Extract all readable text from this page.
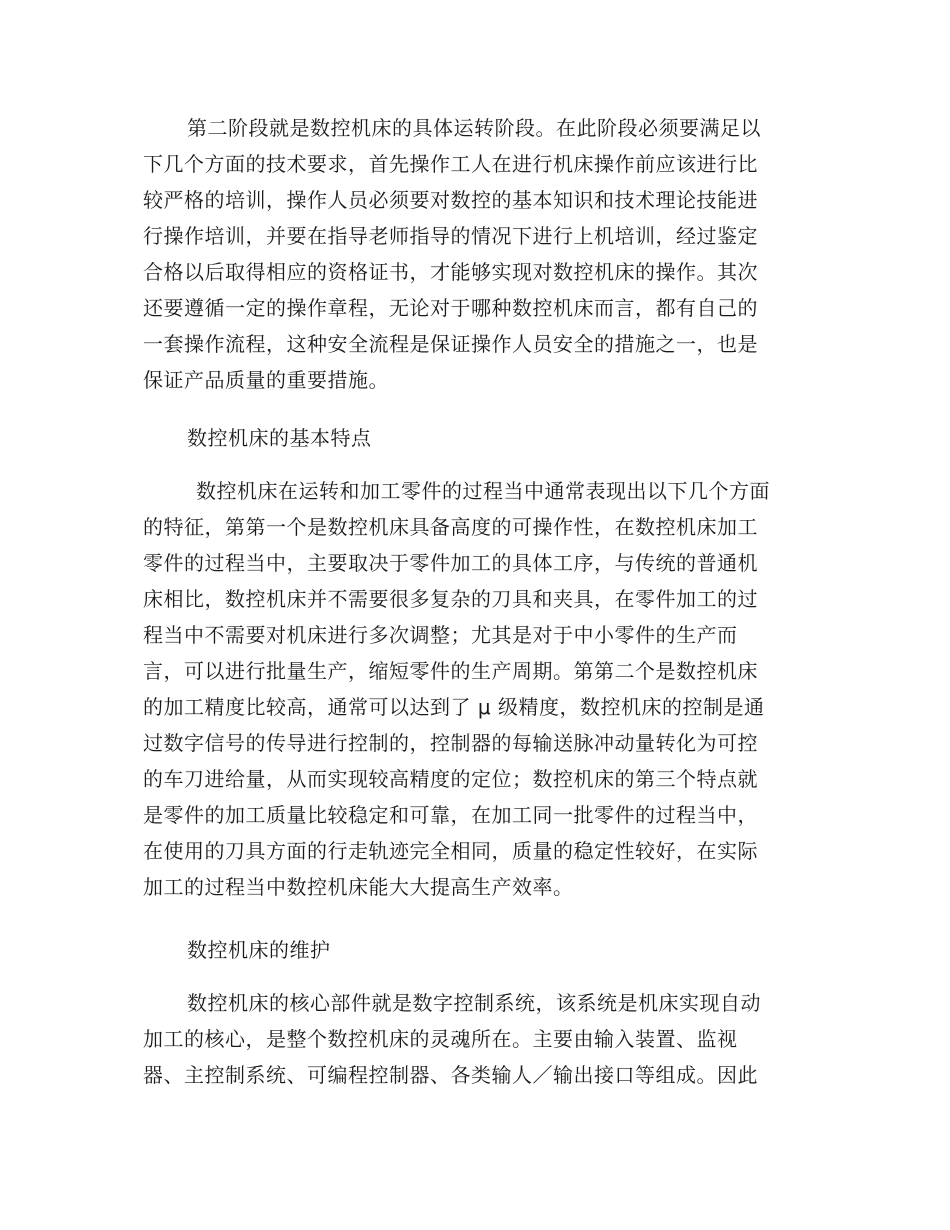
第二阶段就是数控机床的具体运转阶段。在此阶段必须要满足以
下几个方面的技术要求，首先操作工人在进行机床操作前应该进行比
较严格的培训，操作人员必须要对数控的基本知识和技术理论技能进
行操作培训，并要在指导老师指导的情况下进行上机培训，经过鉴定
合格以后取得相应的资格证书，才能够实现对数控机床的操作。其次
还要遵循一定的操作章程，无论对于哪种数控机床而言，都有自己的
一套操作流程，这种安全流程是保证操作人员安全的措施之一，也是
保证产品质量的重要措施。
数控机床的基本特点
数控机床在运转和加工零件的过程当中通常表现出以下几个方面
的特征，第第一个是数控机床具备高度的可操作性，在数控机床加工
零件的过程当中，主要取决于零件加工的具体工序，与传统的普通机
床相比，数控机床并不需要很多复杂的刀具和夹具，在零件加工的过
程当中不需要对机床进行多次调整；尤其是对于中小零件的生产而
言，可以进行批量生产，缩短零件的生产周期。第第二个是数控机床
的加工精度比较高，通常可以达到了 μ 级精度，数控机床的控制是通
过数字信号的传导进行控制的，控制器的每输送脉冲动量转化为可控
的车刀进给量，从而实现较高精度的定位；数控机床的第三个特点就
是零件的加工质量比较稳定和可靠，在加工同一批零件的过程当中，
在使用的刀具方面的行走轨迹完全相同，质量的稳定性较好，在实际
加工的过程当中数控机床能大大提高生产效率。
数控机床的维护
数控机床的核心部件就是数字控制系统，该系统是机床实现自动
加工的核心，是整个数控机床的灵魂所在。主要由输入装置、监视
器、主控制系统、可编程控制器、各类输人／输出接口等组成。因此
